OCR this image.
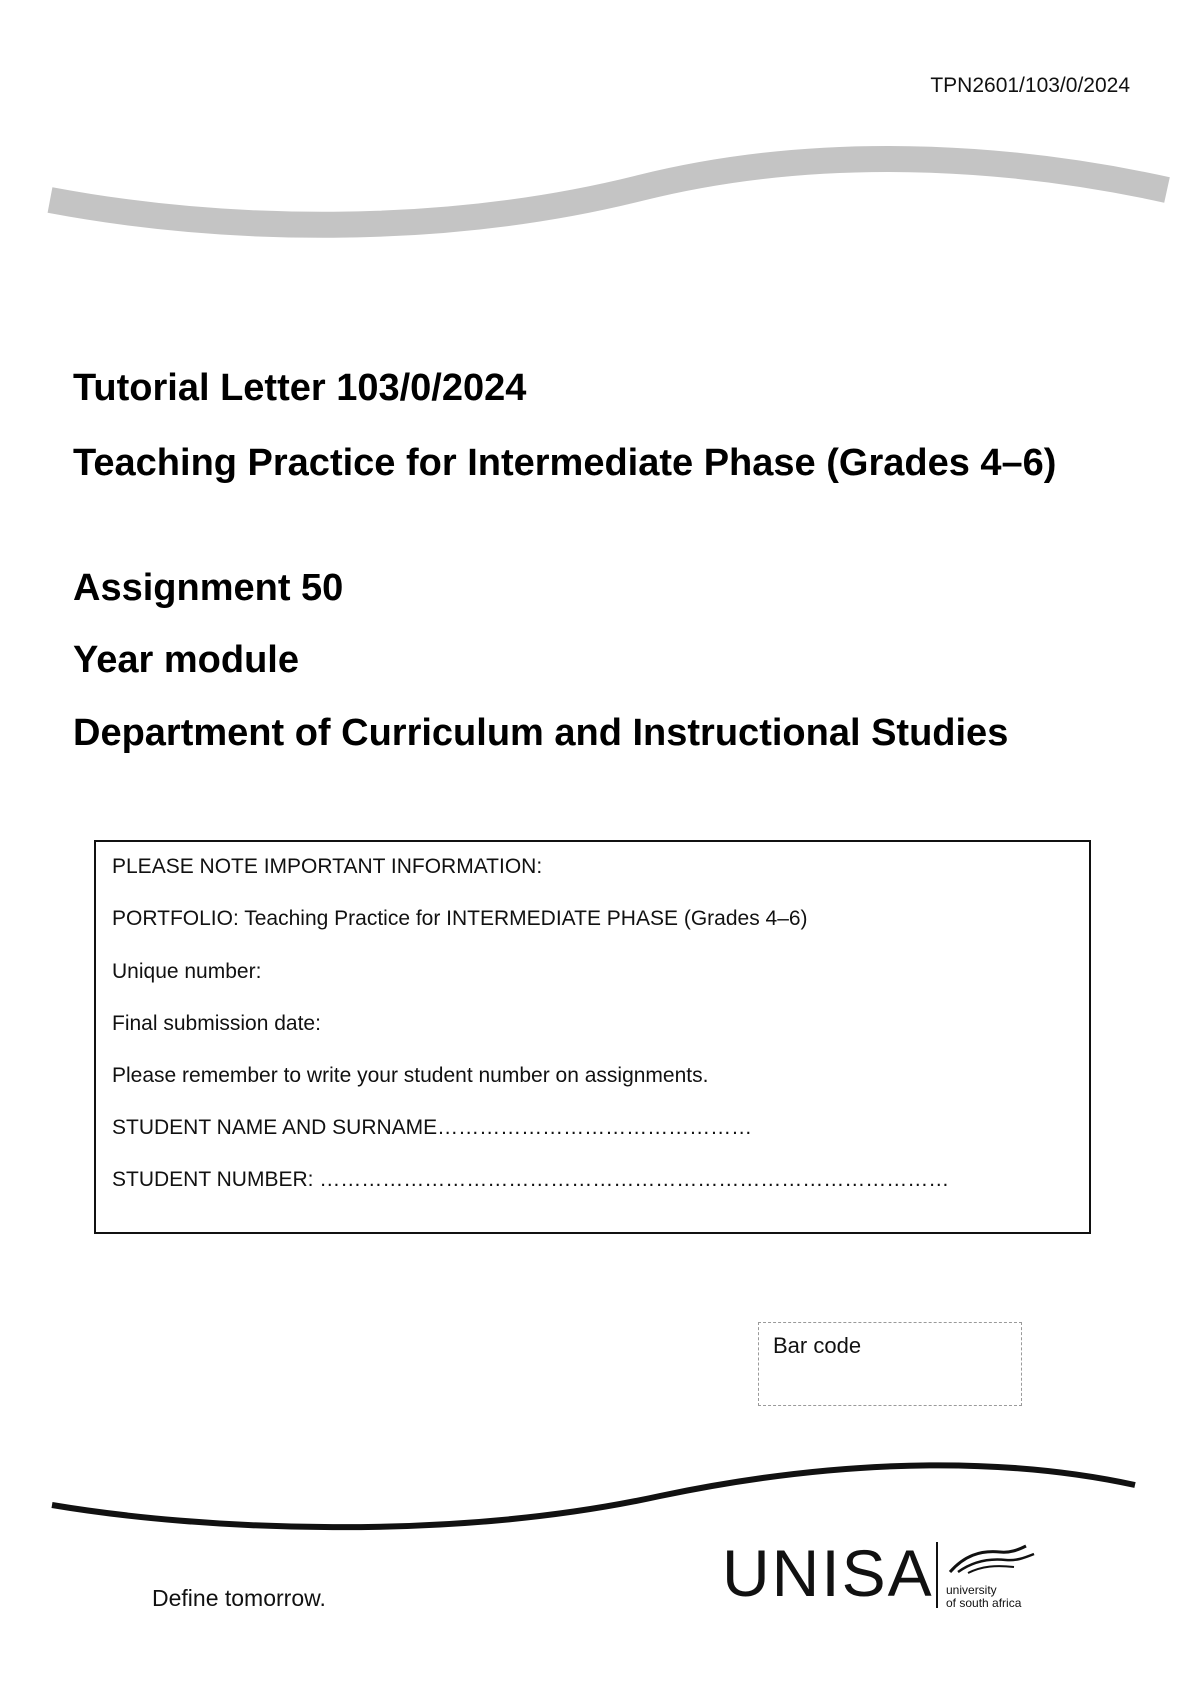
TPN2601/103/0/2024
Tutorial Letter 103/0/2024
Teaching Practice for Intermediate Phase (Grades 4–6)
Assignment 50
Year module
Department of Curriculum and Instructional Studies
PLEASE NOTE IMPORTANT INFORMATION:
PORTFOLIO: Teaching Practice for INTERMEDIATE PHASE (Grades 4–6)
Unique number:
Final submission date:
Please remember to write your student number on assignments.
STUDENT NAME AND SURNAME………………………………………
STUDENT NUMBER: ………………………………………………………………………………
Bar code
Define tomorrow.	UNISA university
of south africa
